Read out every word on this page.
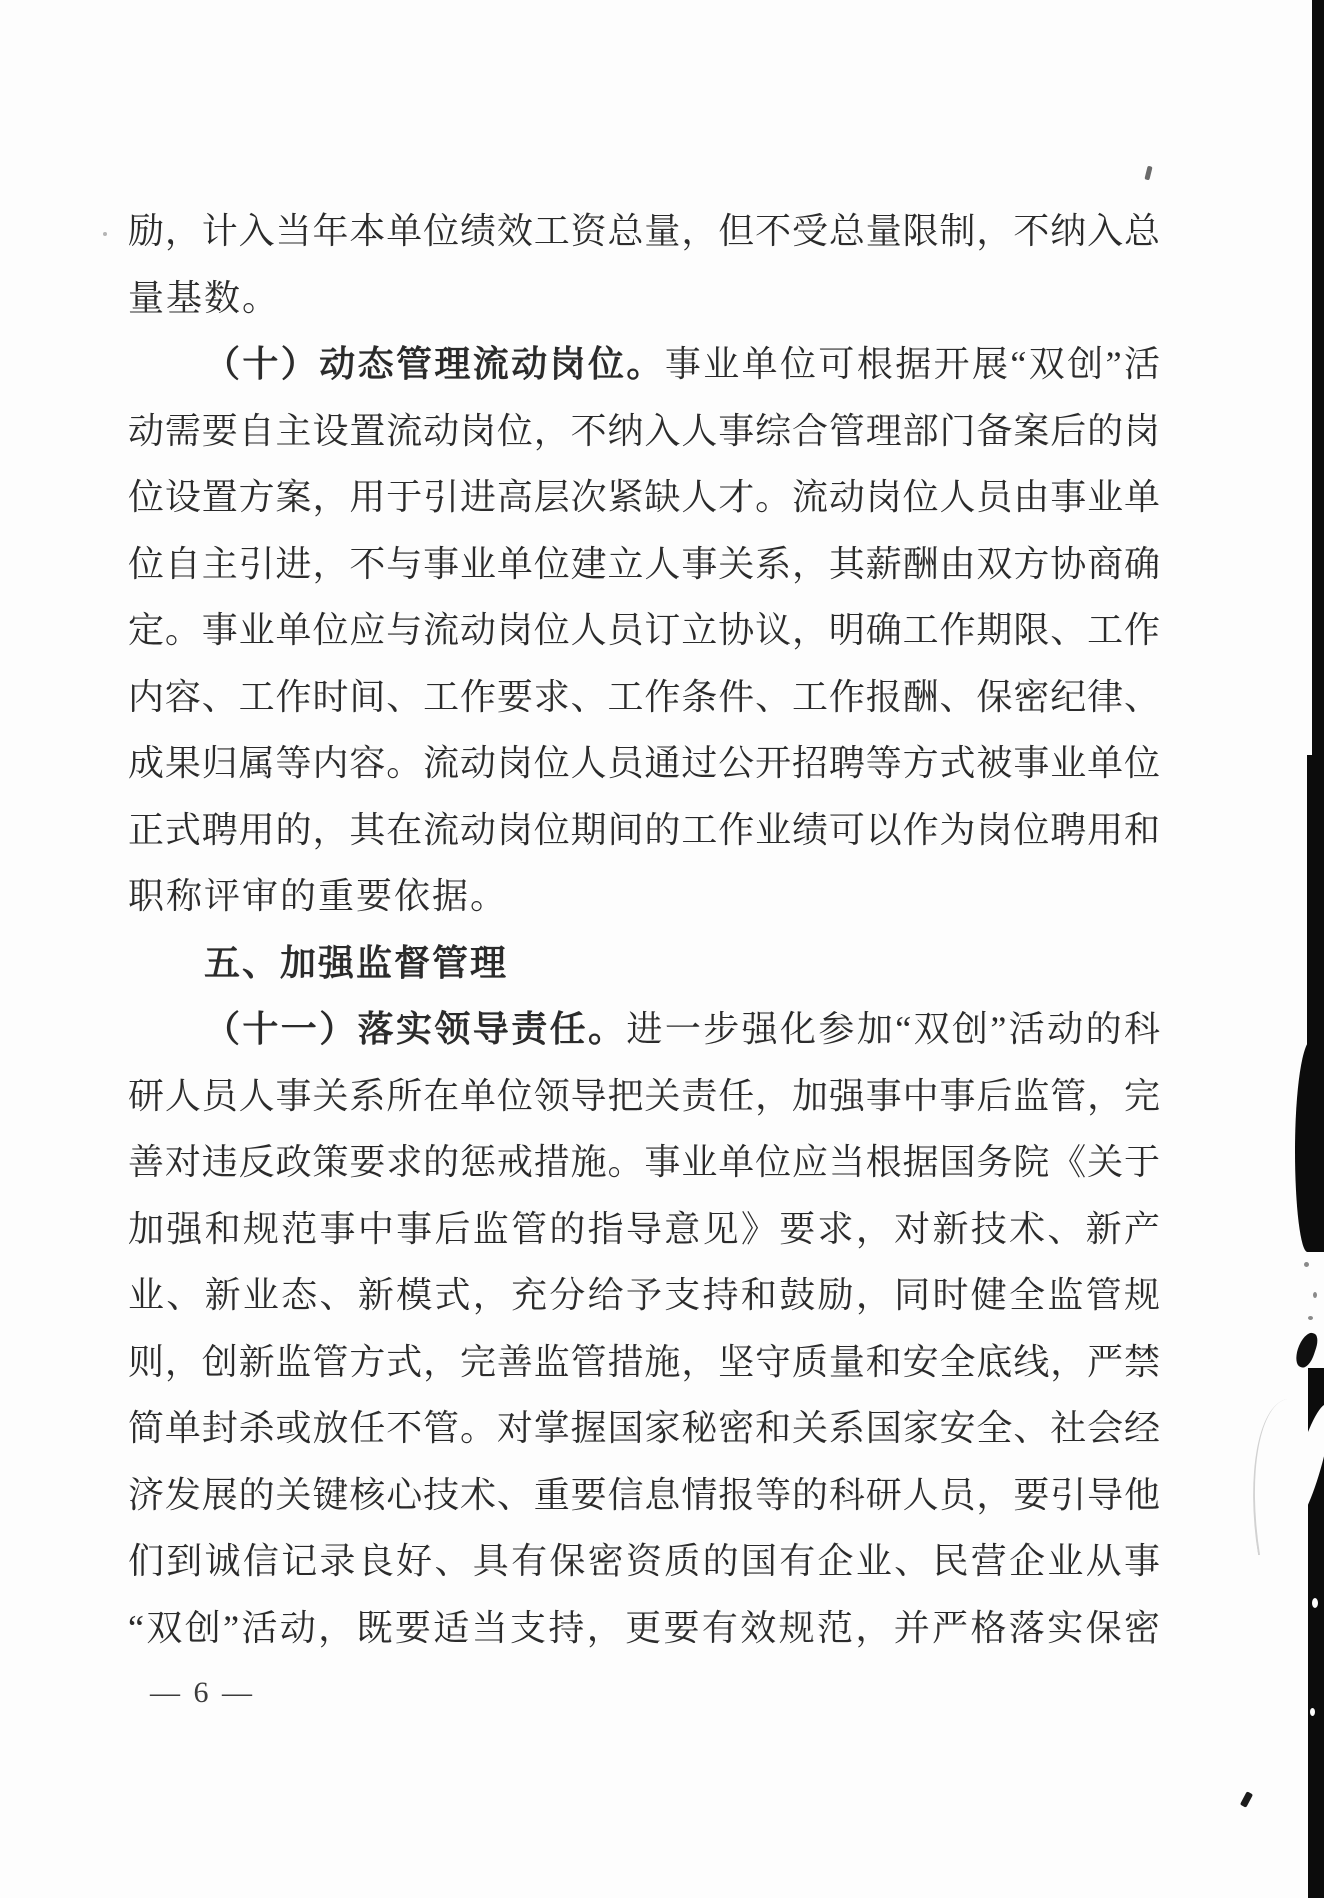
励，计入当年本单位绩效工资总量，但不受总量限制，不纳入总

量基数。

（十）动态管理流动岗位。事业单位可根据开展“双创”活

动需要自主设置流动岗位，不纳入人事综合管理部门备案后的岗

位设置方案，用于引进高层次紧缺人才。流动岗位人员由事业单

位自主引进，不与事业单位建立人事关系，其薪酬由双方协商确

定。事业单位应与流动岗位人员订立协议，明确工作期限、工作

内容、工作时间、工作要求、工作条件、工作报酬、保密纪律、

成果归属等内容。流动岗位人员通过公开招聘等方式被事业单位

正式聘用的，其在流动岗位期间的工作业绩可以作为岗位聘用和

职称评审的重要依据。

五、加强监督管理

（十一）落实领导责任。进一步强化参加“双创”活动的科

研人员人事关系所在单位领导把关责任，加强事中事后监管，完

善对违反政策要求的惩戒措施。事业单位应当根据国务院《关于

加强和规范事中事后监管的指导意见》要求，对新技术、新产

业、新业态、新模式，充分给予支持和鼓励，同时健全监管规

则，创新监管方式，完善监管措施，坚守质量和安全底线，严禁

简单封杀或放任不管。对掌握国家秘密和关系国家安全、社会经

济发展的关键核心技术、重要信息情报等的科研人员，要引导他

们到诚信记录良好、具有保密资质的国有企业、民营企业从事

“双创”活动，既要适当支持，更要有效规范，并严格落实保密

— 6 —
